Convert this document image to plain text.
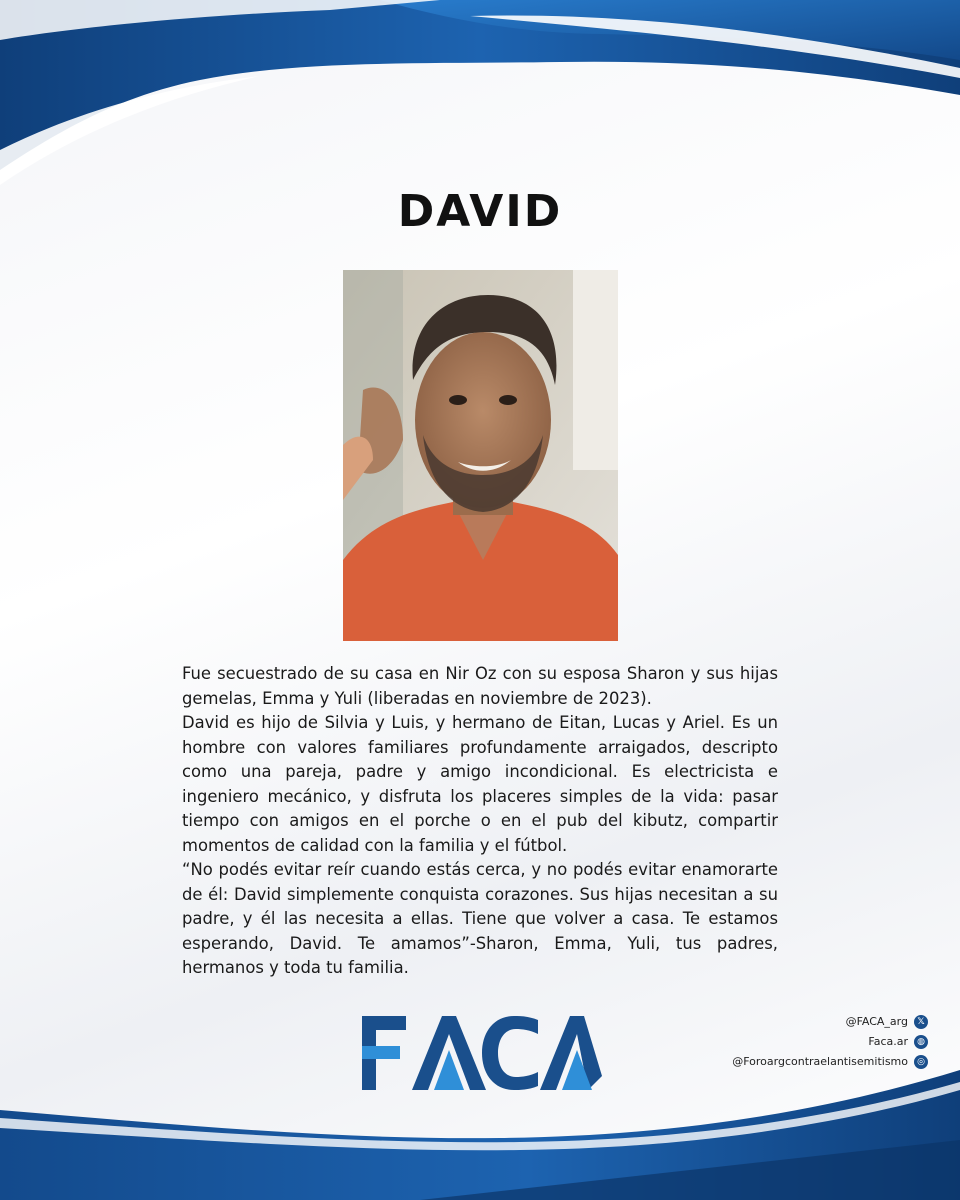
DAVID

Fue secuestrado de su casa en Nir Oz con su esposa Sharon y sus hijas gemelas, Emma y Yuli (liberadas en noviembre de 2023).

David es hijo de Silvia y Luis, y hermano de Eitan, Lucas y Ariel. Es un hombre con valores familiares profundamente arraigados, descripto como una pareja, padre y amigo incondicional. Es electricista e ingeniero mecánico, y disfruta los placeres simples de la vida: pasar tiempo con amigos en el porche o en el pub del kibutz, compartir momentos de calidad con la familia y el fútbol.

“No podés evitar reír cuando estás cerca, y no podés evitar enamorarte de él: David simplemente conquista corazones. Sus hijas necesitan a su padre, y él las necesita a ellas. Tiene que volver a casa. Te estamos esperando, David. Te amamos”-Sharon, Emma, Yuli, tus padres, hermanos y toda tu familia.

@FACA_arg	𝕏
Faca.ar	◍
@Foroargcontraelantisemitismo	◎
